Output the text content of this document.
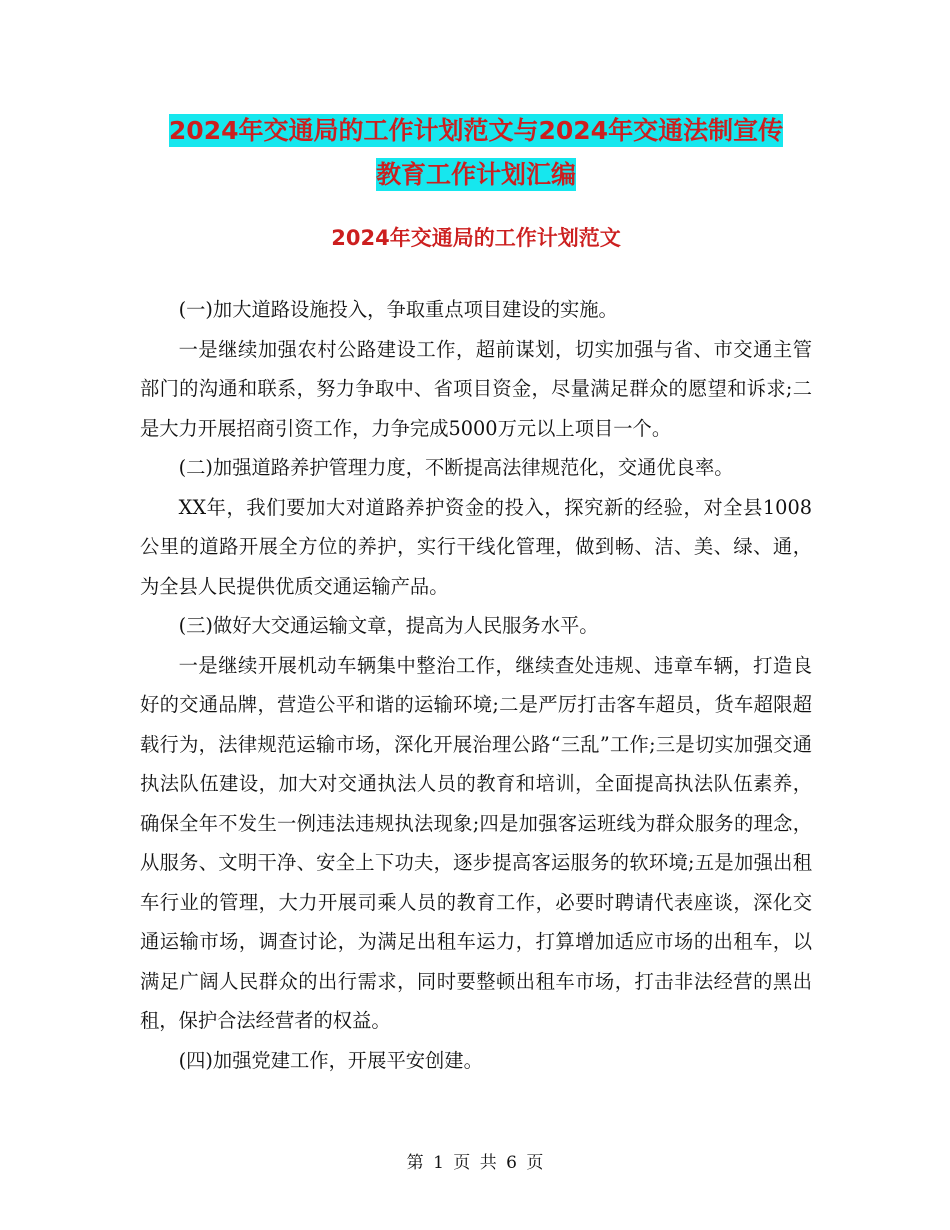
2024年交通局的工作计划范文与2024年交通法制宣传
教育工作计划汇编
2024年交通局的工作计划范文

(一)加大道路设施投入，争取重点项目建设的实施。

一是继续加强农村公路建设工作，超前谋划，切实加强与省、市交通主管部门的沟通和联系，努力争取中、省项目资金，尽量满足群众的愿望和诉求;二是大力开展招商引资工作，力争完成5000万元以上项目一个。

(二)加强道路养护管理力度，不断提高法律规范化，交通优良率。

XX年，我们要加大对道路养护资金的投入，探究新的经验，对全县1008公里的道路开展全方位的养护，实行干线化管理，做到畅、洁、美、绿、通，为全县人民提供优质交通运输产品。

(三)做好大交通运输文章，提高为人民服务水平。

一是继续开展机动车辆集中整治工作，继续查处违规、违章车辆，打造良好的交通品牌，营造公平和谐的运输环境;二是严厉打击客车超员，货车超限超载行为，法律规范运输市场，深化开展治理公路“三乱”工作;三是切实加强交通执法队伍建设，加大对交通执法人员的教育和培训，全面提高执法队伍素养，确保全年不发生一例违法违规执法现象;四是加强客运班线为群众服务的理念，从服务、文明干净、安全上下功夫，逐步提高客运服务的软环境;五是加强出租车行业的管理，大力开展司乘人员的教育工作，必要时聘请代表座谈，深化交通运输市场，调查讨论，为满足出租车运力，打算增加适应市场的出租车，以满足广阔人民群众的出行需求，同时要整顿出租车市场，打击非法经营的黑出租，保护合法经营者的权益。

(四)加强党建工作，开展平安创建。

第 1 页 共 6 页
